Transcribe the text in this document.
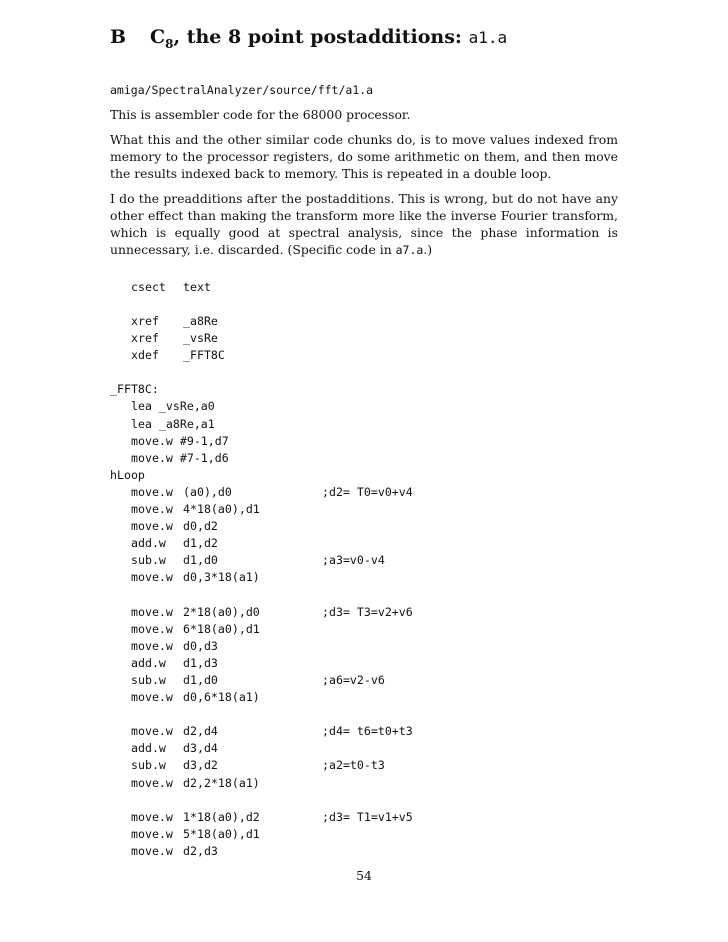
B $C_8$, the 8 point postadditions: a1.a
amiga/SpectralAnalyzer/source/fft/a1.a

This is assembler code for the 68000 processor.

What this and the other similar code chunks do, is to move values indexed from memory to the processor registers, do some arithmetic on them, and then move the results indexed back to memory. This is repeated in a double loop.

I do the preadditions after the postadditions. This is wrong, but do not have any other effect than making the transform more like the inverse Fourier transform, which is equally good at spectral analysis, since the phase information is unnecessary, i.e. discarded. (Specific code in a7.a.)

csect text
xref _a8Re
xref _vsRe
xdef _FFT8C
_FFT8C:
lea _vsRe,a0
lea _a8Re,a1
move.w #9-1,d7
move.w #7-1,d6
hLoop
move.w (a0),d0	;d2= T0=v0+v4
move.w 4*18(a0),d1
move.w d0,d2
add.w d1,d2
sub.w d1,d0	;a3=v0-v4
move.w d0,3*18(a1)
move.w 2*18(a0),d0	;d3= T3=v2+v6
move.w 6*18(a0),d1
move.w d0,d3
add.w d1,d3
sub.w d1,d0	;a6=v2-v6
move.w d0,6*18(a1)
move.w d2,d4	;d4= t6=t0+t3
add.w d3,d4
sub.w d3,d2	;a2=t0-t3
move.w d2,2*18(a1)
move.w 1*18(a0),d2	;d3= T1=v1+v5
move.w 5*18(a0),d1
move.w d2,d3
54
